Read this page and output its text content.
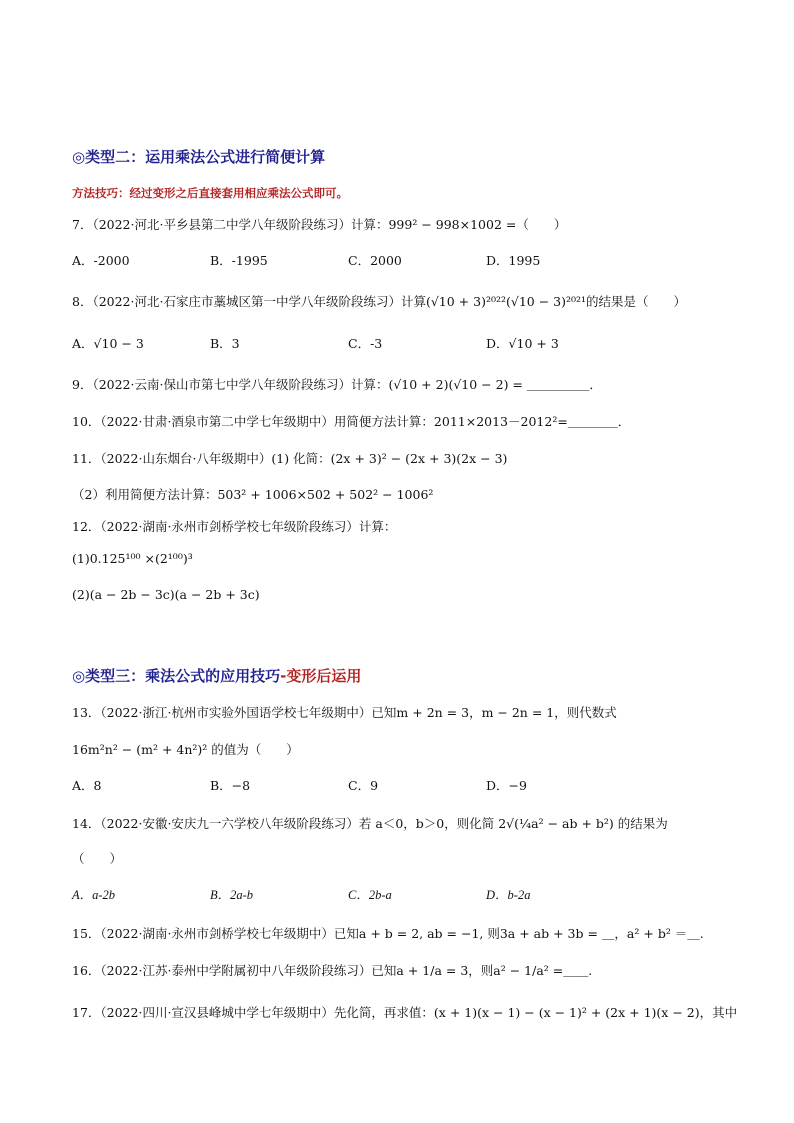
◎类型二：运用乘法公式进行简便计算
方法技巧：经过变形之后直接套用相应乘法公式即可。
7．（2022·河北·平乡县第二中学八年级阶段练习）计算：999² − 998×1002 =（　　）
A．-2000	B．-1995	C．2000	D．1995
8．（2022·河北·石家庄市藁城区第一中学八年级阶段练习）计算(√10 + 3)²⁰²²(√10 − 3)²⁰²¹的结果是（　　）
A．√10 − 3	B．3	C．-3	D．√10 + 3
9．（2022·云南·保山市第七中学八年级阶段练习）计算：(√10 + 2)(√10 − 2) = ＿＿＿＿＿．
10．（2022·甘肃·酒泉市第二中学七年级期中）用简便方法计算：2011×2013－2012²=＿＿＿＿．
11．（2022·山东烟台·八年级期中）(1) 化简：(2x + 3)² − (2x + 3)(2x − 3)
（2）利用简便方法计算：503² + 1006×502 + 502² − 1006²
12．（2022·湖南·永州市剑桥学校七年级阶段练习）计算：
(1)0.125¹⁰⁰ ×(2¹⁰⁰)³
(2)(a − 2b − 3c)(a − 2b + 3c)
◎类型三：乘法公式的应用技巧-变形后运用
13．（2022·浙江·杭州市实验外国语学校七年级期中）已知m + 2n = 3，m − 2n = 1，则代数式
16m²n² − (m² + 4n²)² 的值为（　　）
A．8	B．−8	C．9	D．−9
14．（2022·安徽·安庆九一六学校八年级阶段练习）若 a＜0，b＞0，则化简 2√(¼a² − ab + b²) 的结果为
（　　）
A．a-2b	B．2a-b	C．2b-a	D．b-2a
15．（2022·湖南·永州市剑桥学校七年级期中）已知a + b = 2, ab = −1, 则3a + ab + 3b = ＿，a² + b² ＝＿.
16．（2022·江苏·泰州中学附属初中八年级阶段练习）已知a + 1/a = 3，则a² − 1/a² =＿＿.
17．（2022·四川·宣汉县峰城中学七年级期中）先化简，再求值：(x + 1)(x − 1) − (x − 1)² + (2x + 1)(x − 2)，其中
